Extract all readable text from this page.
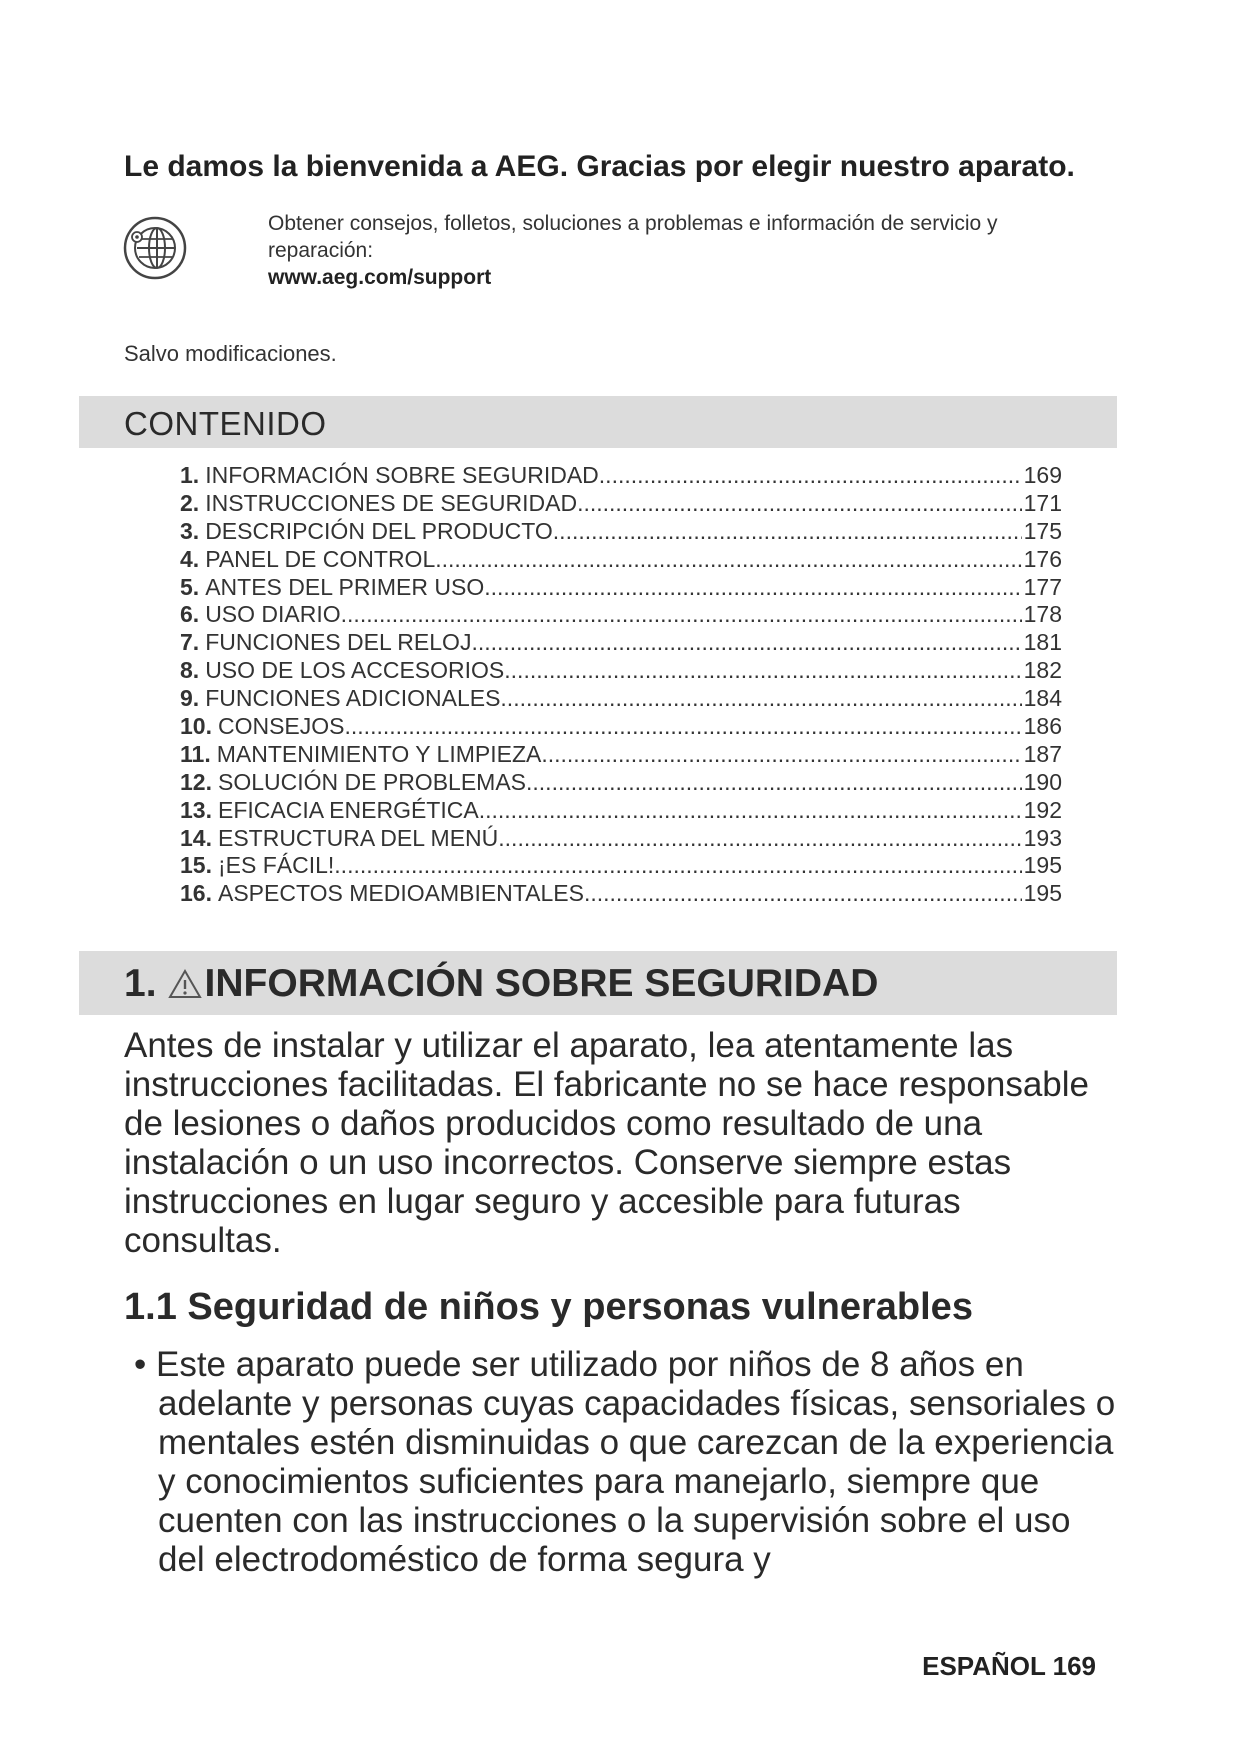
Le damos la bienvenida a AEG. Gracias por elegir nuestro aparato.
Obtener consejos, folletos, soluciones a problemas e información de servicio y reparación:
www.aeg.com/support
Salvo modificaciones.
CONTENIDO
1. INFORMACIÓN SOBRE SEGURIDAD .....	169
2. INSTRUCCIONES DE SEGURIDAD .....	171
3. DESCRIPCIÓN DEL PRODUCTO .....	175
4. PANEL DE CONTROL .....	176
5. ANTES DEL PRIMER USO .....	177
6. USO DIARIO .....	178
7. FUNCIONES DEL RELOJ .....	181
8. USO DE LOS ACCESORIOS .....	182
9. FUNCIONES ADICIONALES .....	184
10. CONSEJOS .....	186
11. MANTENIMIENTO Y LIMPIEZA .....	187
12. SOLUCIÓN DE PROBLEMAS .....	190
13. EFICACIA ENERGÉTICA .....	192
14. ESTRUCTURA DEL MENÚ .....	193
15. ¡ES FÁCIL! .....	195
16. ASPECTOS MEDIOAMBIENTALES .....	195
1. INFORMACIÓN SOBRE SEGURIDAD

Antes de instalar y utilizar el aparato, lea atentamente las instrucciones facilitadas. El fabricante no se hace responsable de lesiones o daños producidos como resultado de una instalación o un uso incorrectos. Conserve siempre estas instrucciones en lugar seguro y accesible para futuras consultas.

1.1 Seguridad de niños y personas vulnerables

• Este aparato puede ser utilizado por niños de 8 años en adelante y personas cuyas capacidades físicas, sensoriales o mentales estén disminuidas o que carezcan de la experiencia y conocimientos suficientes para manejarlo, siempre que cuenten con las instrucciones o la supervisión sobre el uso del electrodoméstico de forma segura y

ESPAÑOL 169
